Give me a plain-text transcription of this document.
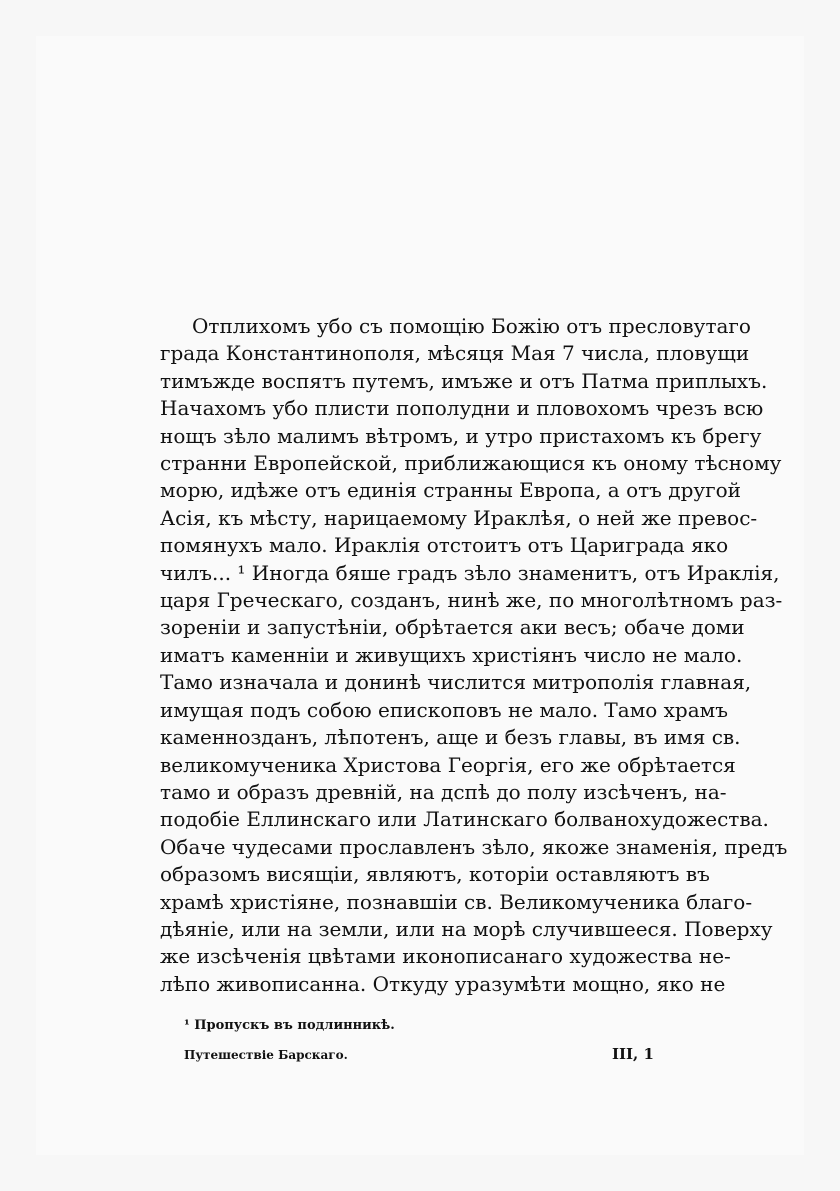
Отплихомъ убо съ помощію Божію отъ пресловутаго
града Константинополя, мѣсяця Мая 7 числа, пловущи
тимъжде воспятъ путемъ, имъже и отъ Патма приплыхъ.
Начахомъ убо плисти пополудни и пловохомъ чрезъ всю
нощъ зѣло малимъ вѣтромъ, и утро пристахомъ къ брегу
странни Европейской, приближающися къ оному тѣсному
морю, идѣже отъ единія странны Европа, а отъ другой
Асія, къ мѣсту, нарицаемому Ираклѣя, о ней же превос-
помянухъ мало. Ираклія отстоитъ отъ Цариграда яко
чилъ... ¹ Иногда бяше градъ зѣло знаменитъ, отъ Ираклія,
царя Греческаго, созданъ, нинѣ же, по многолѣтномъ раз-
зореніи и запустѣніи, обрѣтается аки весъ; обаче доми
иматъ каменніи и живущихъ христіянъ число не мало.
Тамо изначала и донинѣ числится митрополія главная,
имущая подъ собою епископовъ не мало. Тамо храмъ
каменнозданъ, лѣпотенъ, аще и безъ главы, въ имя св.
великомученика Христова Георгія, его же обрѣтается
тамо и образъ древній, на дспѣ до полу изсѣченъ, на-
подобіе Еллинскаго или Латинскаго болванохудожества.
Обаче чудесами прославленъ зѣло, якоже знаменія, предъ
образомъ висящіи, являютъ, которіи оставляютъ въ
храмѣ христіяне, познавшіи св. Великомученика благо-
дѣяніе, или на земли, или на морѣ случившееся. Поверху
же изсѣченія цвѣтами иконописанаго художества не-
лѣпо живописанна. Откуду уразумѣти мощно, яко не
¹ Пропускъ въ подлинникѣ.
Путешествіе Барскаго.	III, 1
